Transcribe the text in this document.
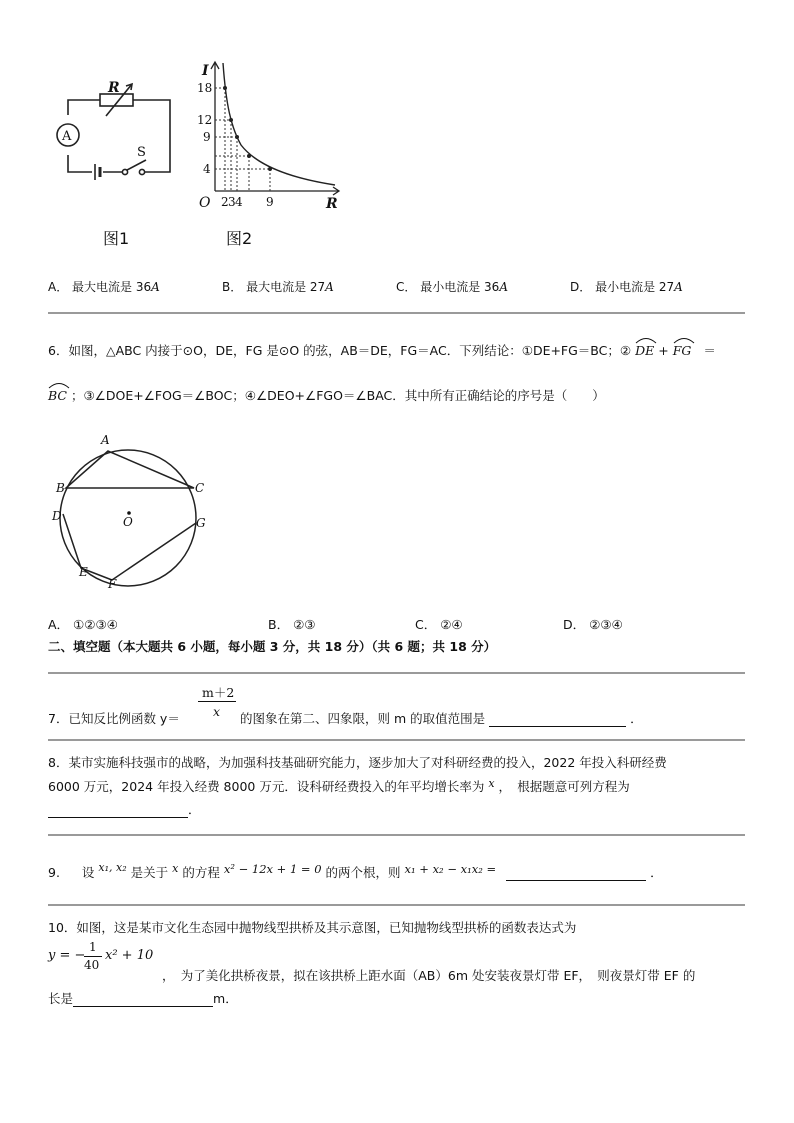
R
A
S
图1
I
R
O
18
12
9
4
2 3 4 9
图2
A． 最大电流是 36A	B． 最大电流是 27A	C． 最小电流是 36A	D． 最小电流是 27A
6．如图，△ABC 内接于⊙O，DE，FG 是⊙O 的弦，AB＝DE，FG＝AC．下列结论：①DE+FG＝BC；② DE + FG ＝
BC ；③∠DOE+∠FOG＝∠BOC；④∠DEO+∠FGO＝∠BAC．其中所有正确结论的序号是（　　）
A
B	C
D	O	G
E
F
A． ①②③④	B． ②③	C． ②④	D． ②③④
二、填空题（本大题共 6 小题，每小题 3 分，共 18 分）（共 6 题；共 18 分）
m＋2
x
7．已知反比例函数 y＝	的图象在第二、四象限，则 m 的取值范围是	．
8．某市实施科技强市的战略，为加强科技基础研究能力，逐步加大了对科研经费的投入，2022 年投入科研经费
6000 万元，2024 年投入经费 8000 万元．设科研经费投入的年平均增长率为 x ，　根据题意可列方程为
．
9. 设 x₁, x₂ 是关于 x 的方程 x² − 12x + 1 = 0 的两个根，则 x₁ + x₂ − x₁x₂ =	．
10．如图，这是某市文化生态园中抛物线型拱桥及其示意图，已知抛物线型拱桥的函数表达式为
y = −
1
40
x² + 10
，　为了美化拱桥夜景，拟在该拱桥上距水面（AB）6m 处安装夜景灯带 EF，　则夜景灯带 EF 的
长是	m．
